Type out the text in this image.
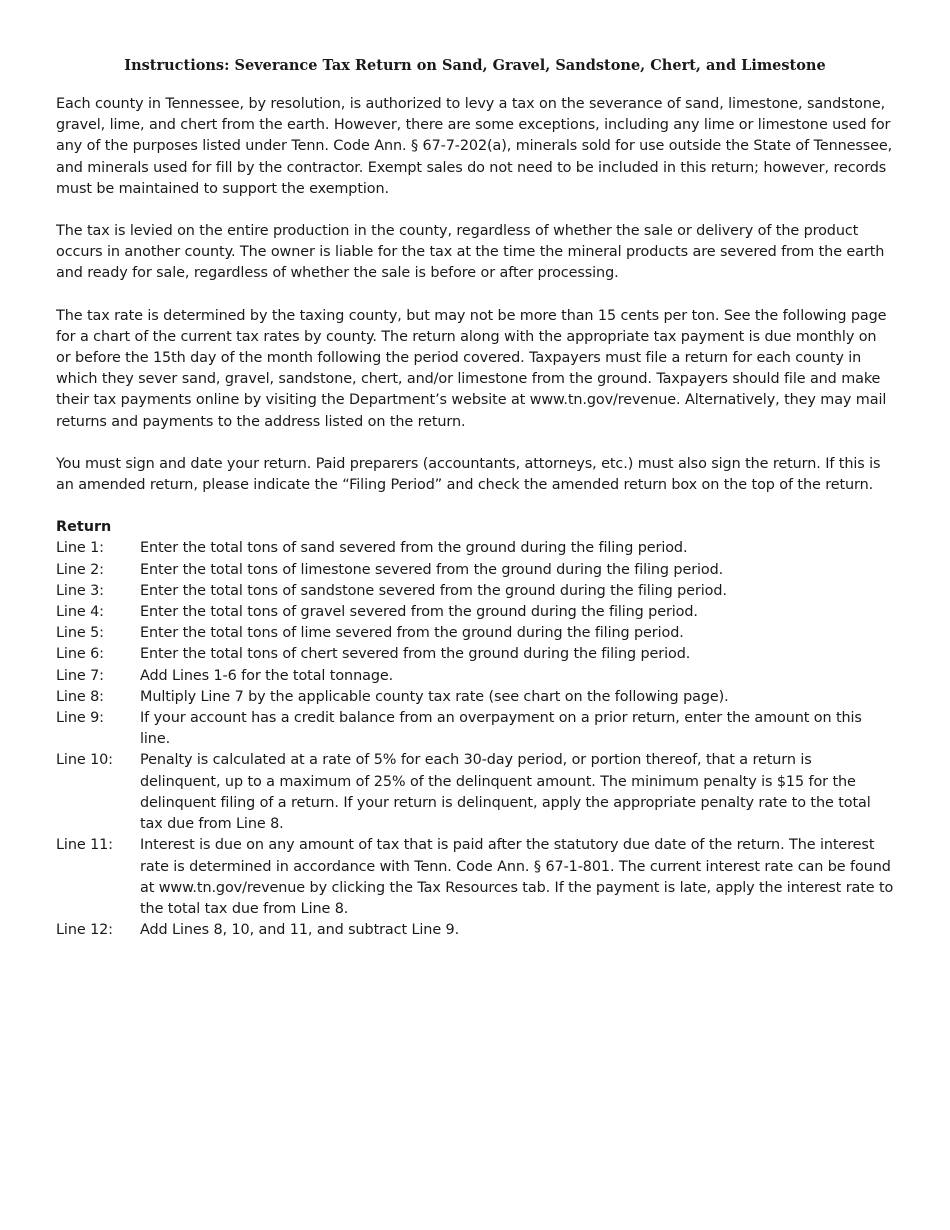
Instructions: Severance Tax Return on Sand, Gravel, Sandstone, Chert, and Limestone

Each county in Tennessee, by resolution, is authorized to levy a tax on the severance of sand, limestone, sandstone, gravel, lime, and chert from the earth. However, there are some exceptions, including any lime or limestone used for any of the purposes listed under Tenn. Code Ann. § 67-7-202(a), minerals sold for use outside the State of Tennessee, and minerals used for fill by the contractor. Exempt sales do not need to be included in this return; however, records must be maintained to support the exemption.

The tax is levied on the entire production in the county, regardless of whether the sale or delivery of the product occurs in another county. The owner is liable for the tax at the time the mineral products are severed from the earth and ready for sale, regardless of whether the sale is before or after processing.

The tax rate is determined by the taxing county, but may not be more than 15 cents per ton. See the following page for a chart of the current tax rates by county. The return along with the appropriate tax payment is due monthly on or before the 15th day of the month following the period covered. Taxpayers must file a return for each county in which they sever sand, gravel, sandstone, chert, and/or limestone from the ground. Taxpayers should file and make their tax payments online by visiting the Department’s website at www.tn.gov/revenue. Alternatively, they may mail returns and payments to the address listed on the return.

You must sign and date your return. Paid preparers (accountants, attorneys, etc.) must also sign the return. If this is an amended return, please indicate the “Filing Period” and check the amended return box on the top of the return.

Return
Line 1:	Enter the total tons of sand severed from the ground during the filing period.
Line 2:	Enter the total tons of limestone severed from the ground during the filing period.
Line 3:	Enter the total tons of sandstone severed from the ground during the filing period.
Line 4:	Enter the total tons of gravel severed from the ground during the filing period.
Line 5:	Enter the total tons of lime severed from the ground during the filing period.
Line 6:	Enter the total tons of chert severed from the ground during the filing period.
Line 7:	Add Lines 1-6 for the total tonnage.
Line 8:	Multiply Line 7 by the applicable county tax rate (see chart on the following page).
Line 9:	If your account has a credit balance from an overpayment on a prior return, enter the amount on this line.
Line 10:	Penalty is calculated at a rate of 5% for each 30-day period, or portion thereof, that a return is delinquent, up to a maximum of 25% of the delinquent amount. The minimum penalty is $15 for the delinquent filing of a return. If your return is delinquent, apply the appropriate penalty rate to the total tax due from Line 8.
Line 11:	Interest is due on any amount of tax that is paid after the statutory due date of the return. The interest rate is determined in accordance with Tenn. Code Ann. § 67-1-801. The current interest rate can be found at www.tn.gov/revenue by clicking the Tax Resources tab. If the payment is late, apply the interest rate to the total tax due from Line 8.
Line 12:	Add Lines 8, 10, and 11, and subtract Line 9.
